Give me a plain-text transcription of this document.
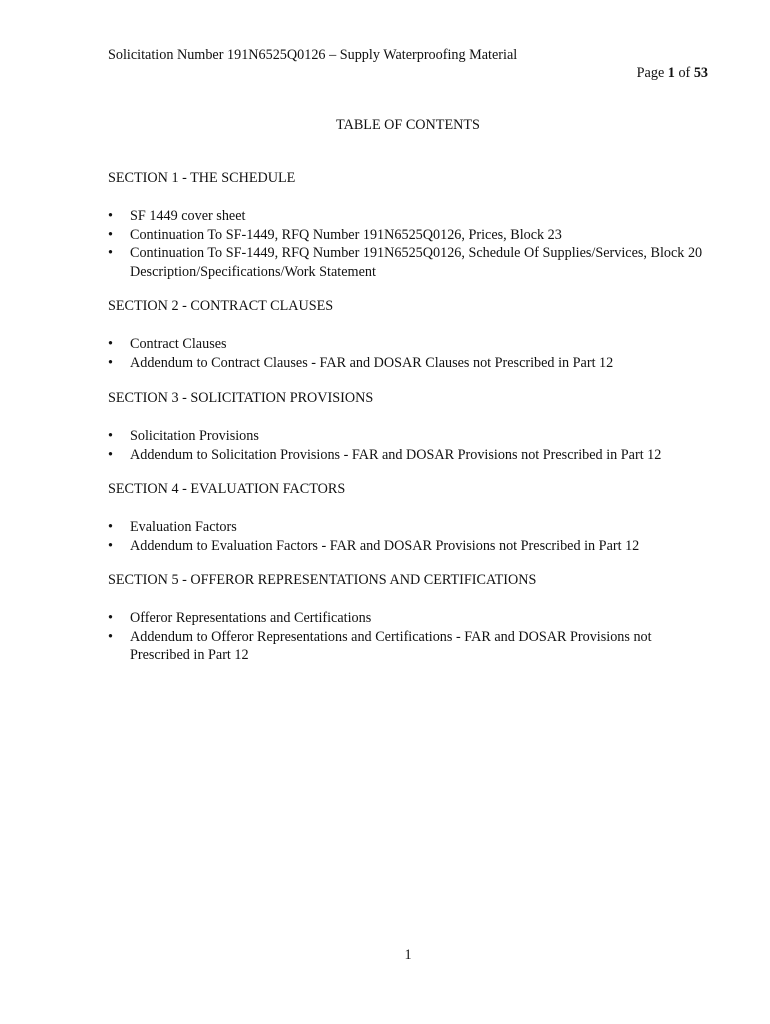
Solicitation Number 191N6525Q0126 – Supply Waterproofing Material
Page 1 of 53
TABLE OF CONTENTS
SECTION 1 - THE SCHEDULE
• SF 1449 cover sheet
• Continuation To SF-1449, RFQ Number 191N6525Q0126, Prices, Block 23
• Continuation To SF-1449, RFQ Number 191N6525Q0126, Schedule Of Supplies/Services, Block 20 Description/Specifications/Work Statement
SECTION 2 - CONTRACT CLAUSES
• Contract Clauses
• Addendum to Contract Clauses - FAR and DOSAR Clauses not Prescribed in Part 12
SECTION 3 - SOLICITATION PROVISIONS
• Solicitation Provisions
• Addendum to Solicitation Provisions - FAR and DOSAR Provisions not Prescribed in Part 12
SECTION 4 - EVALUATION FACTORS
• Evaluation Factors
• Addendum to Evaluation Factors - FAR and DOSAR Provisions not Prescribed in Part 12
SECTION 5 - OFFEROR REPRESENTATIONS AND CERTIFICATIONS
• Offeror Representations and Certifications
• Addendum to Offeror Representations and Certifications - FAR and DOSAR Provisions not Prescribed in Part 12
1
